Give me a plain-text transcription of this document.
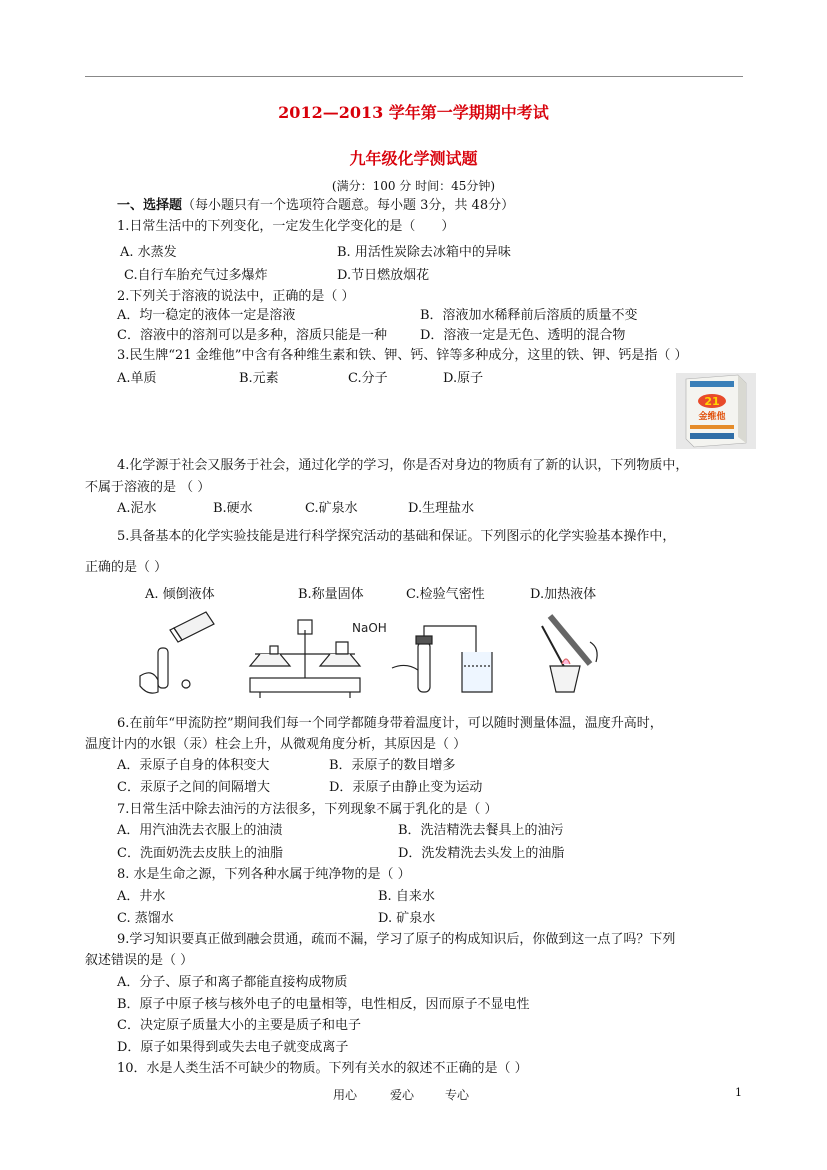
2012—2013 学年第一学期期中考试
九年级化学测试题
(满分：100 分 时间：45分钟)
一、选择题（每小题只有一个选项符合题意。每小题 3分，共 48分）
1.日常生活中的下列变化，一定发生化学变化的是（　　）
A. 水蒸发	B. 用活性炭除去冰箱中的异味
C.自行车胎充气过多爆炸	D.节日燃放烟花
2.下列关于溶液的说法中，正确的是（ ）
A．均一稳定的液体一定是溶液	B．溶液加水稀释前后溶质的质量不变
C．溶液中的溶剂可以是多种，溶质只能是一种	D．溶液一定是无色、透明的混合物
3.民生牌“21 金维他”中含有各种维生素和铁、钾、钙、锌等多种成分，这里的铁、钾、钙是指（ ）
A.单质	B.元素	C.分子	D.原子
21
金维他
4.化学源于社会又服务于社会，通过化学的学习，你是否对身边的物质有了新的认识，下列物质中，
不属于溶液的是 （ ）
A.泥水	B.硬水	C.矿泉水	D.生理盐水
5.具备基本的化学实验技能是进行科学探究活动的基础和保证。下列图示的化学实验基本操作中，
正确的是（ ）
A. 倾倒液体	B.称量固体	C.检验气密性	D.加热液体
NaOH
6.在前年“甲流防控”期间我们每一个同学都随身带着温度计，可以随时测量体温，温度升高时，
温度计内的水银（汞）柱会上升，从微观角度分析，其原因是（ ）
A．汞原子自身的体积变大	B．汞原子的数目增多
C．汞原子之间的间隔增大	D．汞原子由静止变为运动
7.日常生活中除去油污的方法很多，下列现象不属于乳化的是（ ）
A．用汽油洗去衣服上的油渍	B．洗洁精洗去餐具上的油污
C．洗面奶洗去皮肤上的油脂	D．洗发精洗去头发上的油脂
8. 水是生命之源，下列各种水属于纯净物的是（ ）
A．井水	B. 自来水
C. 蒸馏水	D. 矿泉水
9.学习知识要真正做到融会贯通，疏而不漏，学习了原子的构成知识后，你做到这一点了吗？下列
叙述错误的是（ ）
A．分子、原子和离子都能直接构成物质
B．原子中原子核与核外电子的电量相等，电性相反，因而原子不显电性
C．决定原子质量大小的主要是质子和电子
D．原子如果得到或失去电子就变成离子
10．水是人类生活不可缺少的物质。下列有关水的叙述不正确的是（ ）
用心	爱心	专心	1
